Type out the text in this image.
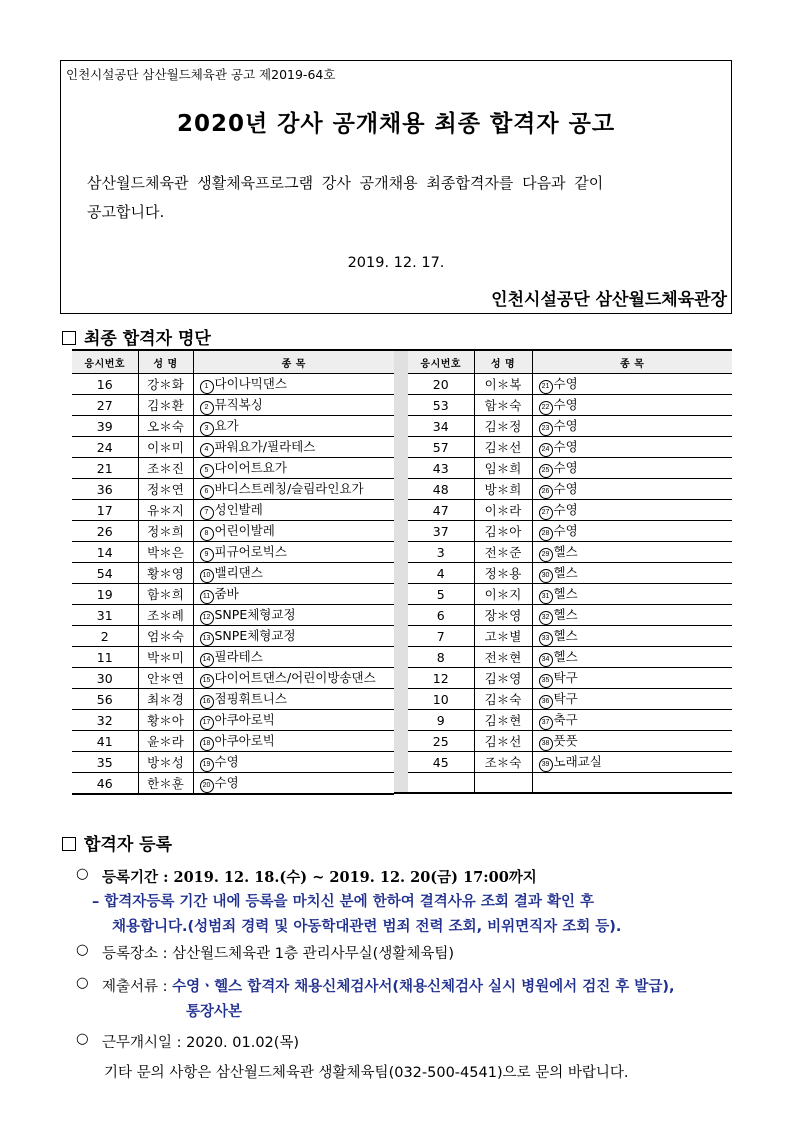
인천시설공단 삼산월드체육관 공고 제2019-64호
2020년 강사 공개채용 최종 합격자 공고
삼산월드체육관 생활체육프로그램 강사 공개채용 최종합격자를 다음과 같이
공고합니다.
2019. 12. 17.
인천시설공단 삼산월드체육관장
최종 합격자 명단
응시번호	성 명	종 목
16	강＊화	1 다이나믹댄스
27	김＊환	2 뮤직복싱
39	오＊숙	3 요가
24	이＊미	4 파워요가/필라테스
21	조＊진	5 다이어트요가
36	정＊연	6 바디스트레칭/슬림라인요가
17	유＊지	7 성인발레
26	정＊희	8 어린이발레
14	박＊은	9 피규어로빅스
54	황＊영	10 밸리댄스
19	함＊희	11 줌바
31	조＊례	12 SNPE체형교정
2	엄＊숙	13 SNPE체형교정
11	박＊미	14 필라테스
30	안＊연	15 다이어트댄스/어린이방송댄스
56	최＊경	16 점핑휘트니스
32	황＊아	17 아쿠아로빅
41	윤＊라	18 아쿠아로빅
35	방＊성	19 수영
46	한＊훈	20 수영
응시번호	성 명	종 목
20	이＊복	21 수영
53	함＊숙	22 수영
34	김＊정	23 수영
57	김＊선	24 수영
43	임＊희	25 수영
48	방＊희	26 수영
47	이＊라	27 수영
37	김＊아	28 수영
3	전＊준	29 헬스
4	정＊용	30 헬스
5	이＊지	31 헬스
6	장＊영	32 헬스
7	고＊별	33 헬스
8	전＊현	34 헬스
12	김＊영	35 탁구
10	김＊숙	36 탁구
9	김＊현	37 축구
25	김＊선	38 풋풋
45	조＊숙	39 노래교실

합격자 등록
○ 등록기간 : 2019. 12. 18.(수) ~ 2019. 12. 20(금) 17:00까지
– 합격자등록 기간 내에 등록을 마치신 분에 한하여 결격사유 조회 결과 확인 후
채용합니다.(성범죄 경력 및 아동학대관련 범죄 전력 조회, 비위면직자 조회 등).
○ 등록장소 : 삼산월드체육관 1층 관리사무실(생활체육팀)
○ 제출서류 : 수영ㆍ헬스 합격자 채용신체검사서(채용신체검사 실시 병원에서 검진 후 발급),
통장사본
○ 근무개시일 : 2020. 01.02(목)
기타 문의 사항은 삼산월드체육관 생활체육팀(032-500-4541)으로 문의 바랍니다.
